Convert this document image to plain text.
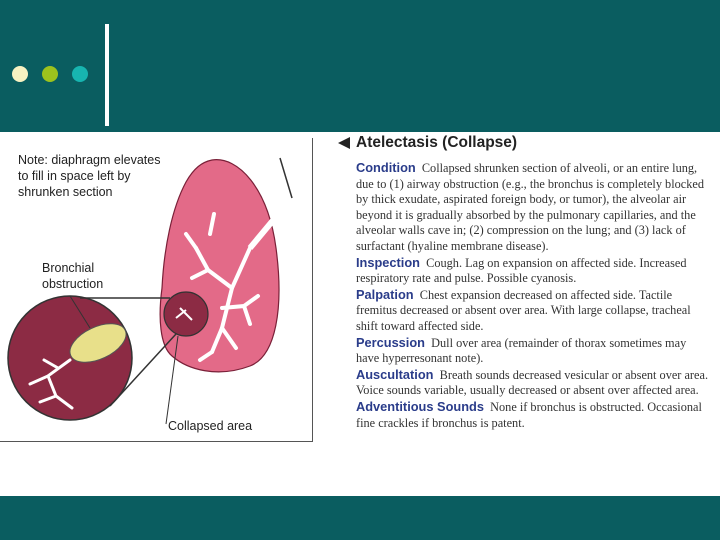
Note: diaphragm elevates
to fill in space left by
shrunken section
Bronchial
obstruction
Collapsed area
Atelectasis (Collapse)
Condition Collapsed shrunken section of alveoli, or an entire lung, due to (1) airway obstruction (e.g., the bronchus is completely blocked by thick exudate, aspirated foreign body, or tumor), the alveolar air beyond it is gradually absorbed by the pulmonary capillaries, and the alveolar walls cave in; (2) compression on the lung; and (3) lack of surfactant (hyaline membrane disease).
Inspection Cough. Lag on expansion on affected side. Increased respiratory rate and pulse. Possible cyanosis.
Palpation Chest expansion decreased on affected side. Tactile fremitus decreased or absent over area. With large collapse, tracheal shift toward affected side.
Percussion Dull over area (remainder of thorax sometimes may have hyperresonant note).
Auscultation Breath sounds decreased vesicular or absent over area. Voice sounds variable, usually decreased or absent over affected area.
Adventitious Sounds None if bronchus is obstructed. Occasional fine crackles if bronchus is patent.
